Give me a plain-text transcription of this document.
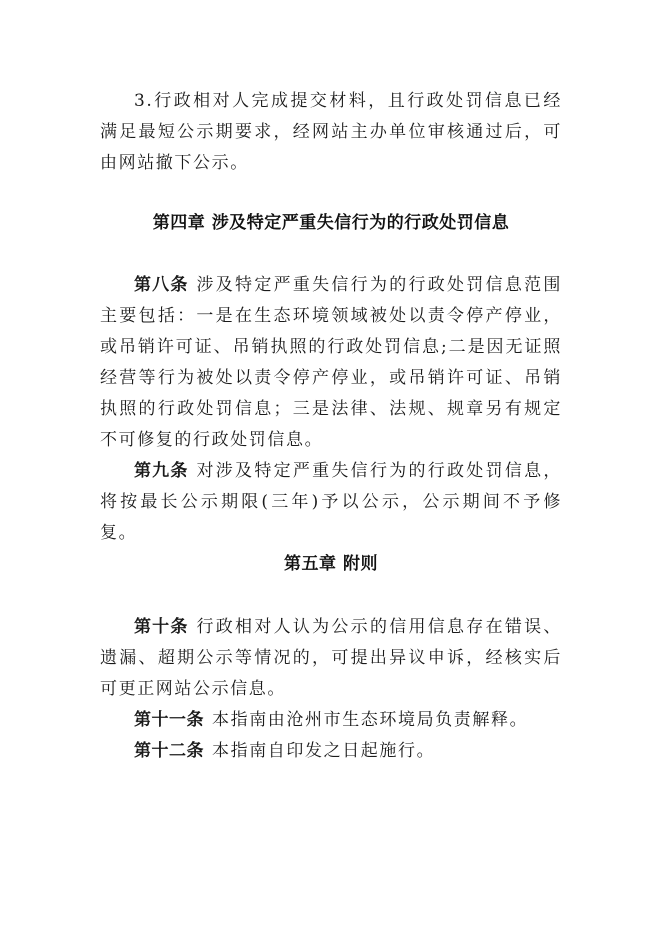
3.行政相对人完成提交材料，且行政处罚信息已经满足最短公示期要求，经网站主办单位审核通过后，可由网站撤下公示。

第四章 涉及特定严重失信行为的行政处罚信息

第八条 涉及特定严重失信行为的行政处罚信息范围主要包括：一是在生态环境领域被处以责令停产停业，或吊销许可证、吊销执照的行政处罚信息;二是因无证照经营等行为被处以责令停产停业，或吊销许可证、吊销执照的行政处罚信息；三是法律、法规、规章另有规定不可修复的行政处罚信息。

第九条 对涉及特定严重失信行为的行政处罚信息，将按最长公示期限(三年)予以公示，公示期间不予修复。

第五章 附则

第十条 行政相对人认为公示的信用信息存在错误、遗漏、超期公示等情况的，可提出异议申诉，经核实后可更正网站公示信息。

第十一条 本指南由沧州市生态环境局负责解释。

第十二条 本指南自印发之日起施行。
